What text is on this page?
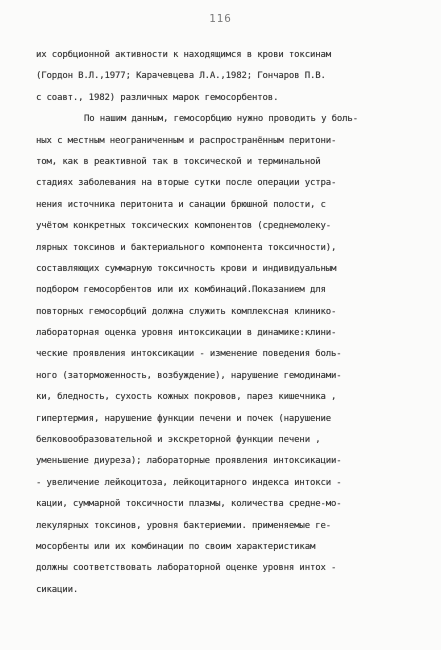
116
их сорбционной активности к находящимся в крови токсинам
(Гордон В.Л.,1977; Карачевцева Л.А.,1982; Гончаров П.В.
с соавт., 1982) различных марок гемосорбентов.
По нашим данным, гемосорбцию нужно проводить у боль-
ных с местным неограниченным и распространённым перитони-
том, как в реактивной так в токсической и терминальной
стадиях заболевания на вторые сутки после операции устра-
нения источника перитонита и санации брюшной полости, с
учётом конкретных токсических компонентов (среднемолеку-
лярных токсинов и бактериального компонента токсичности),
составляющих суммарную токсичность крови и индивидуальным
подбором гемосорбентов или их комбинаций.Показанием для
повторных гемосорбций должна служить комплексная клинико-
лабораторная оценка уровня интоксикации в динамике:клини-
ческие проявления интоксикации - изменение поведения боль-
ного (заторможенность, возбуждение), нарушение гемодинами-
ки, бледность, сухость кожных покровов, парез кишечника ,
гипертермия, нарушение функции печени и почек (нарушение
белковообразовательной и экскреторной функции печени ,
уменьшение диуреза); лабораторные проявления интоксикации-
- увеличение лейкоцитоза, лейкоцитарного индекса интокси -
кации, суммарной токсичности плазмы, количества средне-мо-
лекулярных токсинов, уровня бактериемии. применяемые ге-
мосорбенты или их комбинации по своим характеристикам
должны соответствовать лабораторной оценке уровня интох -
сикации.
